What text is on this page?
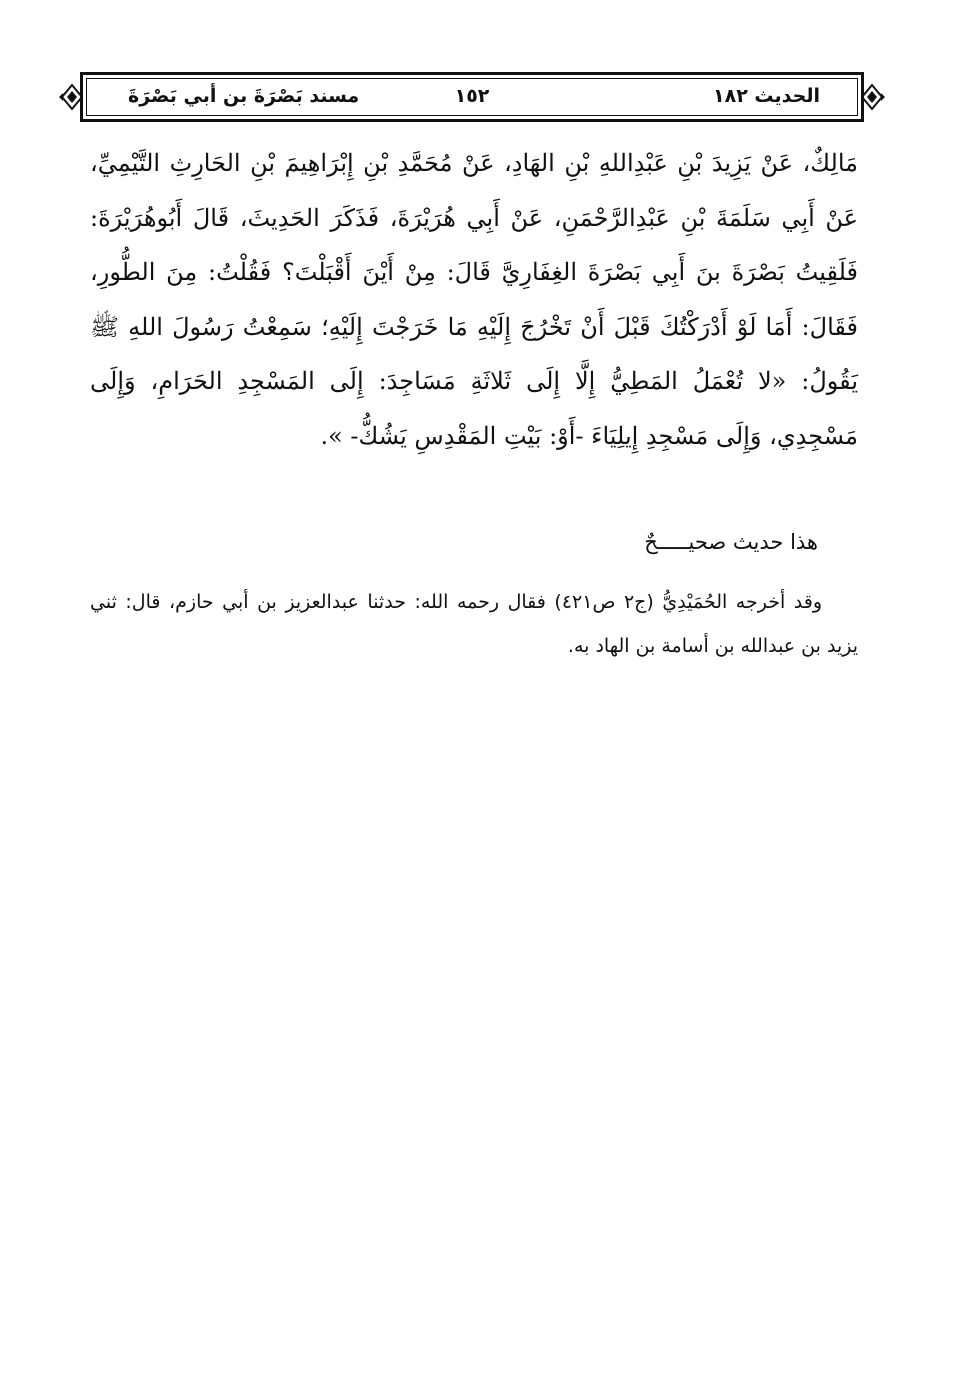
الحديث ١٨٢
١٥٢
مسند بَصْرَةَ بن أبي بَصْرَةَ
مَالِكٌ، عَنْ يَزِيدَ بْنِ عَبْدِاللهِ بْنِ الهَادِ، عَنْ مُحَمَّدِ بْنِ إِبْرَاهِيمَ بْنِ الحَارِثِ التَّيْمِيِّ، عَنْ أَبِي سَلَمَةَ بْنِ عَبْدِالرَّحْمَنِ، عَنْ أَبِي هُرَيْرَةَ، فَذَكَرَ الحَدِيثَ، قَالَ أَبُوهُرَيْرَةَ: فَلَقِيتُ بَصْرَةَ بنَ أَبِي بَصْرَةَ الغِفَارِيَّ قَالَ: مِنْ أَيْنَ أَقْبَلْتَ؟ فَقُلْتُ: مِنَ الطُّورِ، فَقَالَ: أَمَا لَوْ أَدْرَكْتُكَ قَبْلَ أَنْ تَخْرُجَ إِلَيْهِ مَا خَرَجْتَ إِلَيْهِ؛ سَمِعْتُ رَسُولَ اللهِ ﷺ يَقُولُ: «لا تُعْمَلُ المَطِيُّ إِلَّا إِلَى ثَلاثَةِ مَسَاجِدَ: إِلَى المَسْجِدِ الحَرَامِ، وَإِلَى مَسْجِدِي، وَإِلَى مَسْجِدِ إِيلِيَاءَ -أَوْ: بَيْتِ المَقْدِسِ يَشُكُّ- ».
هذا حديث صحيـــــحٌ
وقد أخرجه الحُمَيْدِيُّ (ج٢ ص٤٢١) فقال رحمه الله: حدثنا عبدالعزيز بن أبي حازم، قال: ثني يزيد بن عبدالله بن أسامة بن الهاد به.
